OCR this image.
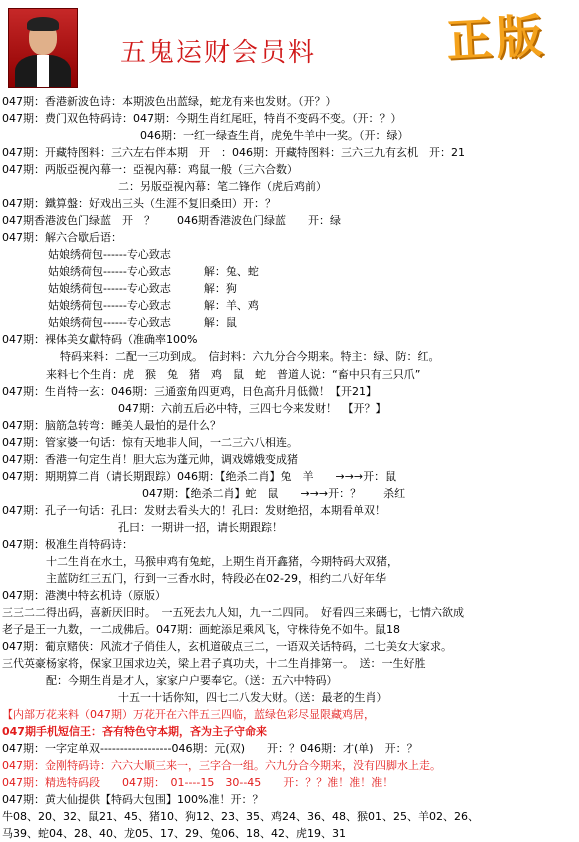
五鬼运财会员料	正版
047期：香港新波色诗：本期波色出蓝绿，蛇龙有来也发财。（开？）
047期：费门双色特码诗：047期：今期生肖红尾旺，特肖不变码不变。（开：？）
046期：一红一绿查生肖，虎免牛羊中一奖。（开：绿）
047期：开藏特图料：三六左右伴本期　开　：046期：开藏特图料：三六三九有玄机　开：21
047期：两版亞視內幕一：亞視內幕：鸡鼠一般（三六合数）
二：另版亞視內幕：笔二锋作（虎后鸡前）
047期：鐵算盤：好戏出三头（生涯不复旧桑田）开：？
047期香港波色门绿蓝　开　？　　046期香港波色门绿蓝　　开：绿
047期：解六合歇后语：
姑娘绣荷包------专心致志
姑娘绣荷包------专心致志　　　解：兔、蛇
姑娘绣荷包------专心致志　　　解：狗
姑娘绣荷包------专心致志　　　解：羊、鸡
姑娘绣荷包------专心致志　　　解：鼠
047期：裸体美女獻特码（准确率100%
特码来料：二配一三功到成。　信封料：六九分合今期来。特主：绿、防：红。
来料七个生肖：虎　猴　兔　猪　鸡　鼠　蛇　普道人说：“畜中只有三只爪”
047期：生肖特一玄：046期：三通蛮角四更鸡，日色高升月低微！【开21】
047期：六前五后必中特，三四七今来发财！　【开？】
047期：脑筋急转弯：睡美人最怕的是什么？
047期：管家婆一句话：惊有天地非人间，一二三六八相连。
047期：香港一句定生肖！胆大忘为蓬元帅，调戏嫦娥变成猪
047期：期期算二肖（请长期跟踪）046期：【绝杀二肖】兔　羊　　→→→开：鼠
047期：【绝杀二肖】蛇　鼠　　→→→开：？　　杀红
047期：孔子一句话：孔曰：发财去看头大的！孔曰：发财绝招，本期看单双！
孔曰：一期讲一招，请长期跟踪！
047期：极准生肖特码诗：
十二生肖在水土，马猴申鸡有兔蛇，上期生肖开鑫猪，今期特码大双猪，
主蓝防红三五门，行到一三香水时，特段必在02-29，相约二八好年华
047期：港澳中特玄机诗（原版）
三三二二得出码，喜新厌旧时。　一五死去九人知，九一二四同。　好看四三来碼七，七情六欲成
老子是王一九数，一二成佛后。047期：画蛇添足乘风飞，守株待免不如牛。鼠18
047期：葡京赌侠：风流才子俏佳人，玄机道破点三二，一语双关话特码，二七美女大家求。
三代英豪杨家将，保家卫国求边关，梁上君子真功夫，十二生肖排第一。　送：一生好胜
配：今期生肖是才人，家家户户要奉它。（送：五六中特码）
十五一十话你知，四七二八发大财。（送：最老的生肖）
【内部万花来料（047期）万花开在六伴五三四临，蓝绿色彩尽显限藏鸡居，
047期手机短信王：吝有特色守本期，吝为主子守命来
047期：一字定单双------------------046期：元(双)　　开：？046期：才(单)　开：？
047期：金刚特码诗：六六大顺三来一，三字合一组。六九分合今期来，没有四脚水上走。
047期：精选特码段　　047期：　01----15　30--45　　开：？？准！准！准！
047期：黄大仙提供【特码大包围】100%准！开：？
牛08、20、32、鼠21、45、猪10、狗12、23、35、鸡24、36、48、猴01、25、羊02、26、
马39、蛇04、28、40、龙05、17、29、兔06、18、42、虎19、31
